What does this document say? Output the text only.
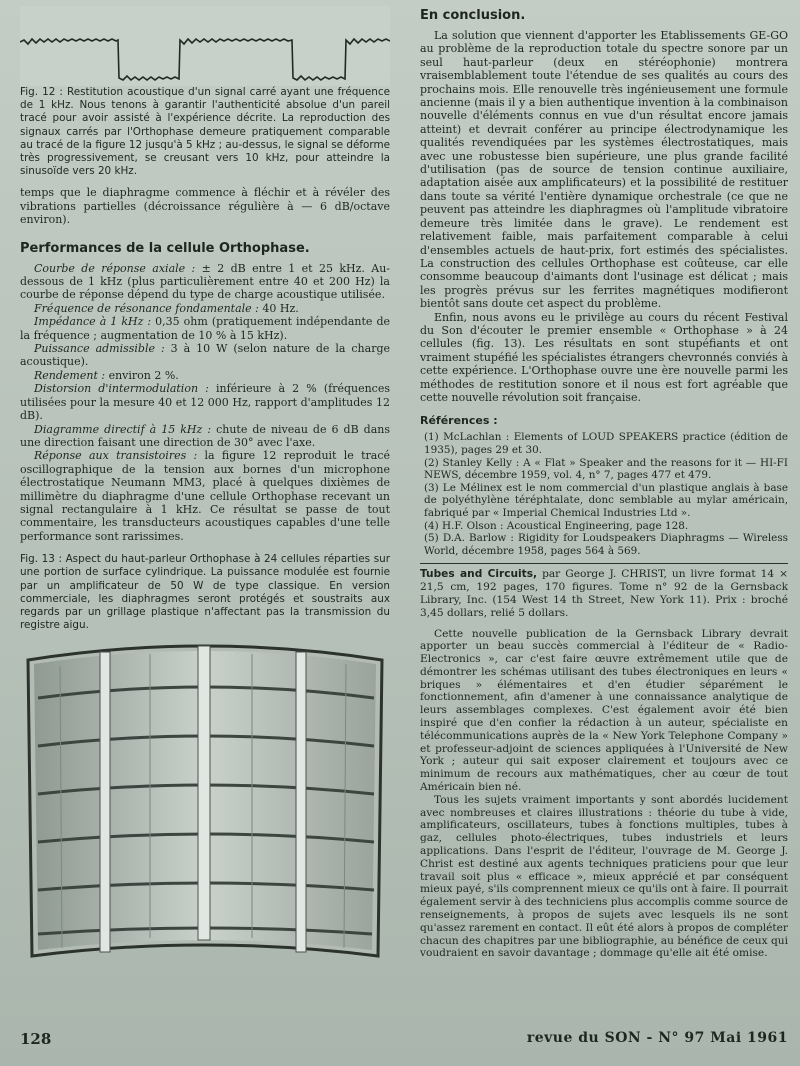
Fig. 12 : Restitution acoustique d'un signal carré ayant une fréquence de 1 kHz. Nous tenons à garantir l'authenticité absolue d'un pareil tracé pour avoir assisté à l'expérience décrite. La reproduction des signaux carrés par l'Orthophase demeure pratiquement comparable au tracé de la figure 12 jusqu'à 5 kHz ; au-dessus, le signal se déforme très progressivement, se creusant vers 10 kHz, pour atteindre la sinusoïde vers 20 kHz.

temps que le diaphragme commence à fléchir et à révéler des vibrations partielles (décroissance régulière à — 6 dB/octave environ).

Performances de la cellule Orthophase.

Courbe de réponse axiale : ± 2 dB entre 1 et 25 kHz. Au-dessous de 1 kHz (plus particulièrement entre 40 et 200 Hz) la courbe de réponse dépend du type de charge acoustique utilisée.

Fréquence de résonance fondamentale : 40 Hz.

Impédance à 1 kHz : 0,35 ohm (pratiquement indépendante de la fréquence ; augmentation de 10 % à 15 kHz).

Puissance admissible : 3 à 10 W (selon nature de la charge acoustique).

Rendement : environ 2 %.

Distorsion d'intermodulation : inférieure à 2 % (fréquences utilisées pour la mesure 40 et 12 000 Hz, rapport d'amplitudes 12 dB).

Diagramme directif à 15 kHz : chute de niveau de 6 dB dans une direction faisant une direction de 30° avec l'axe.

Réponse aux transistoires : la figure 12 reproduit le tracé oscillographique de la tension aux bornes d'un microphone électrostatique Neumann MM3, placé à quelques dixièmes de millimètre du diaphragme d'une cellule Orthophase recevant un signal rectangulaire à 1 kHz. Ce résultat se passe de tout commentaire, les transducteurs acoustiques capables d'une telle performance sont rarissimes.

Fig. 13 : Aspect du haut-parleur Orthophase à 24 cellules réparties sur une portion de surface cylindrique. La puissance modulée est fournie par un amplificateur de 50 W de type classique. En version commerciale, les diaphragmes seront protégés et soustraits aux regards par un grillage plastique n'affectant pas la transmission du registre aigu.

En conclusion.

La solution que viennent d'apporter les Etablissements GE-GO au problème de la reproduction totale du spectre sonore par un seul haut-parleur (deux en stéréophonie) montrera vraisemblablement toute l'étendue de ses qualités au cours des prochains mois. Elle renouvelle très ingénieusement une formule ancienne (mais il y a bien authentique invention à la combinaison nouvelle d'éléments connus en vue d'un résultat encore jamais atteint) et devrait conférer au principe électrodynamique les qualités revendiquées par les systèmes électrostatiques, mais avec une robustesse bien supérieure, une plus grande facilité d'utilisation (pas de source de tension continue auxiliaire, adaptation aisée aux amplificateurs) et la possibilité de restituer dans toute sa vérité l'entière dynamique orchestrale (ce que ne peuvent pas atteindre les diaphragmes où l'amplitude vibratoire demeure très limitée dans le grave). Le rendement est relativement faible, mais parfaitement comparable à celui d'ensembles actuels de haut-prix, fort estimés des spécialistes. La construction des cellules Orthophase est coûteuse, car elle consomme beaucoup d'aimants dont l'usinage est délicat ; mais les progrès prévus sur les ferrites magnétiques modifieront bientôt sans doute cet aspect du problème.

Enfin, nous avons eu le privilège au cours du récent Festival du Son d'écouter le premier ensemble « Orthophase » à 24 cellules (fig. 13). Les résultats en sont stupéfiants et ont vraiment stupéfié les spécialistes étrangers chevronnés conviés à cette expérience. L'Orthophase ouvre une ère nouvelle parmi les méthodes de restitution sonore et il nous est fort agréable que cette nouvelle révolution soit française.

Références :

(1) McLachlan : Elements of LOUD SPEAKERS practice (édition de 1935), pages 29 et 30.

(2) Stanley Kelly : A « Flat » Speaker and the reasons for it — HI-FI NEWS, décembre 1959, vol. 4, n° 7, pages 477 et 479.

(3) Le Mélinex est le nom commercial d'un plastique anglais à base de polyéthylène téréphtalate, donc semblable au mylar américain, fabriqué par « Imperial Chemical Industries Ltd ».

(4) H.F. Olson : Acoustical Engineering, page 128.

(5) D.A. Barlow : Rigidity for Loudspeakers Diaphragms — Wireless World, décembre 1958, pages 564 à 569.

Tubes and Circuits, par George J. CHRIST, un livre format 14 × 21,5 cm, 192 pages, 170 figures. Tome n° 92 de la Gernsback Library, Inc. (154 West 14 th Street, New York 11). Prix : broché 3,45 dollars, relié 5 dollars.

Cette nouvelle publication de la Gernsback Library devrait apporter un beau succès commercial à l'éditeur de « Radio-Electronics », car c'est faire œuvre extrêmement utile que de démontrer les schémas utilisant des tubes électroniques en leurs « briques » élémentaires et d'en étudier séparément le fonctionnement, afin d'amener à une connaissance analytique de leurs assemblages complexes. C'est également avoir été bien inspiré que d'en confier la rédaction à un auteur, spécialiste en télécommunications auprès de la « New York Telephone Company » et professeur-adjoint de sciences appliquées à l'Université de New York ; auteur qui sait exposer clairement et toujours avec ce minimum de recours aux mathématiques, cher au cœur de tout Américain bien né.

Tous les sujets vraiment importants y sont abordés lucidement avec nombreuses et claires illustrations : théorie du tube à vide, amplificateurs, oscillateurs, tubes à fonctions multiples, tubes à gaz, cellules photo-électriques, tubes industriels et leurs applications. Dans l'esprit de l'éditeur, l'ouvrage de M. George J. Christ est destiné aux agents techniques praticiens pour que leur travail soit plus « efficace », mieux apprécié et par conséquent mieux payé, s'ils comprennent mieux ce qu'ils ont à faire. Il pourrait également servir à des techniciens plus accomplis comme source de renseignements, à propos de sujets avec lesquels ils ne sont qu'assez rarement en contact. Il eût été alors à propos de compléter chacun des chapitres par une bibliographie, au bénéfice de ceux qui voudraient en savoir davantage ; dommage qu'elle ait été omise.

128	revue du SON - N° 97 Mai 1961
